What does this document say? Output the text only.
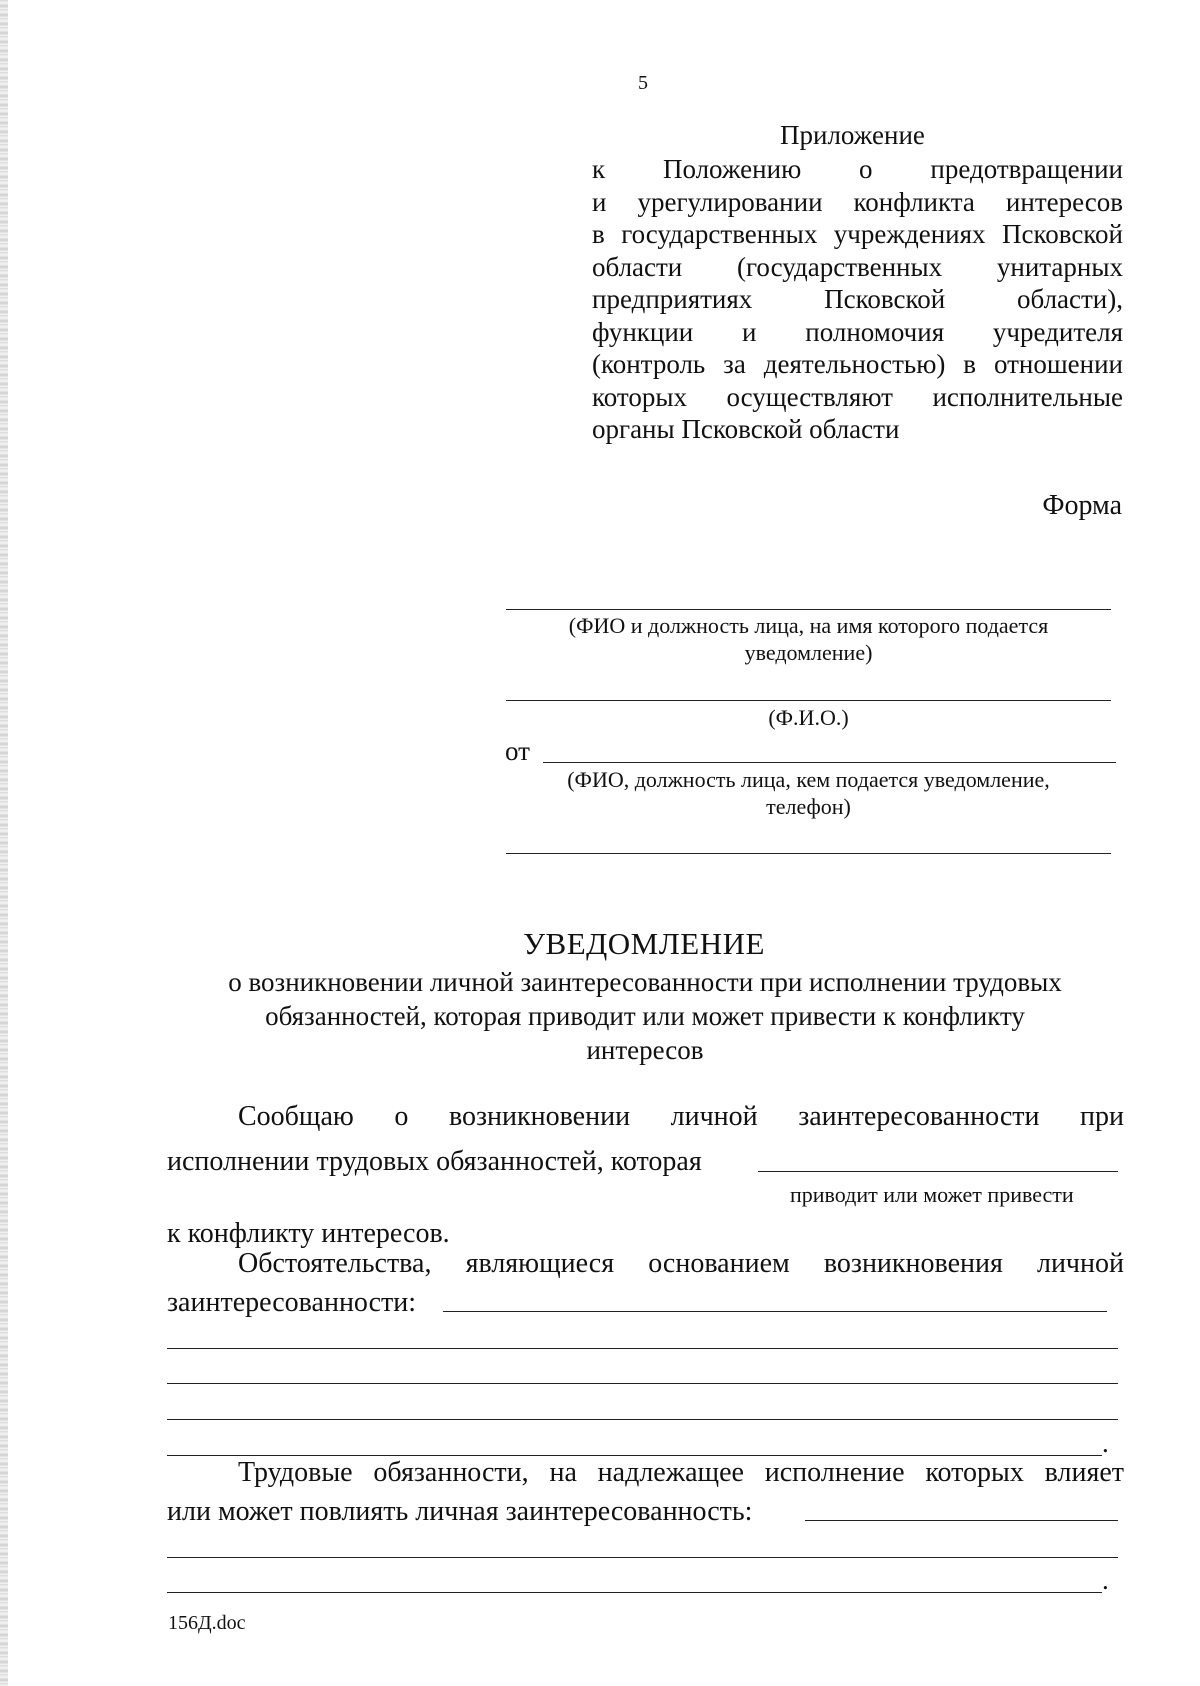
5
Приложение
к Положению о предотвращении
и урегулировании конфликта интересов
в государственных учреждениях Псковской
области (государственных унитарных
предприятиях Псковской области),
функции и полномочия учредителя
(контроль за деятельностью) в отношении
которых осуществляют исполнительные
органы Псковской области
Форма
(ФИО и должность лица, на имя которого подается
уведомление)
(Ф.И.О.)
от
(ФИО, должность лица, кем подается уведомление,
телефон)
УВЕДОМЛЕНИЕ
о возникновении личной заинтересованности при исполнении трудовых
обязанностей, которая приводит или может привести к конфликту
интересов
Сообщаю о возникновении личной заинтересованности при
исполнении трудовых обязанностей, которая
приводит или может привести
к конфликту интересов.
Обстоятельства, являющиеся основанием возникновения личной
заинтересованности:
.
Трудовые обязанности, на надлежащее исполнение которых влияет
или может повлиять личная заинтересованность:
.
156Д.doc
